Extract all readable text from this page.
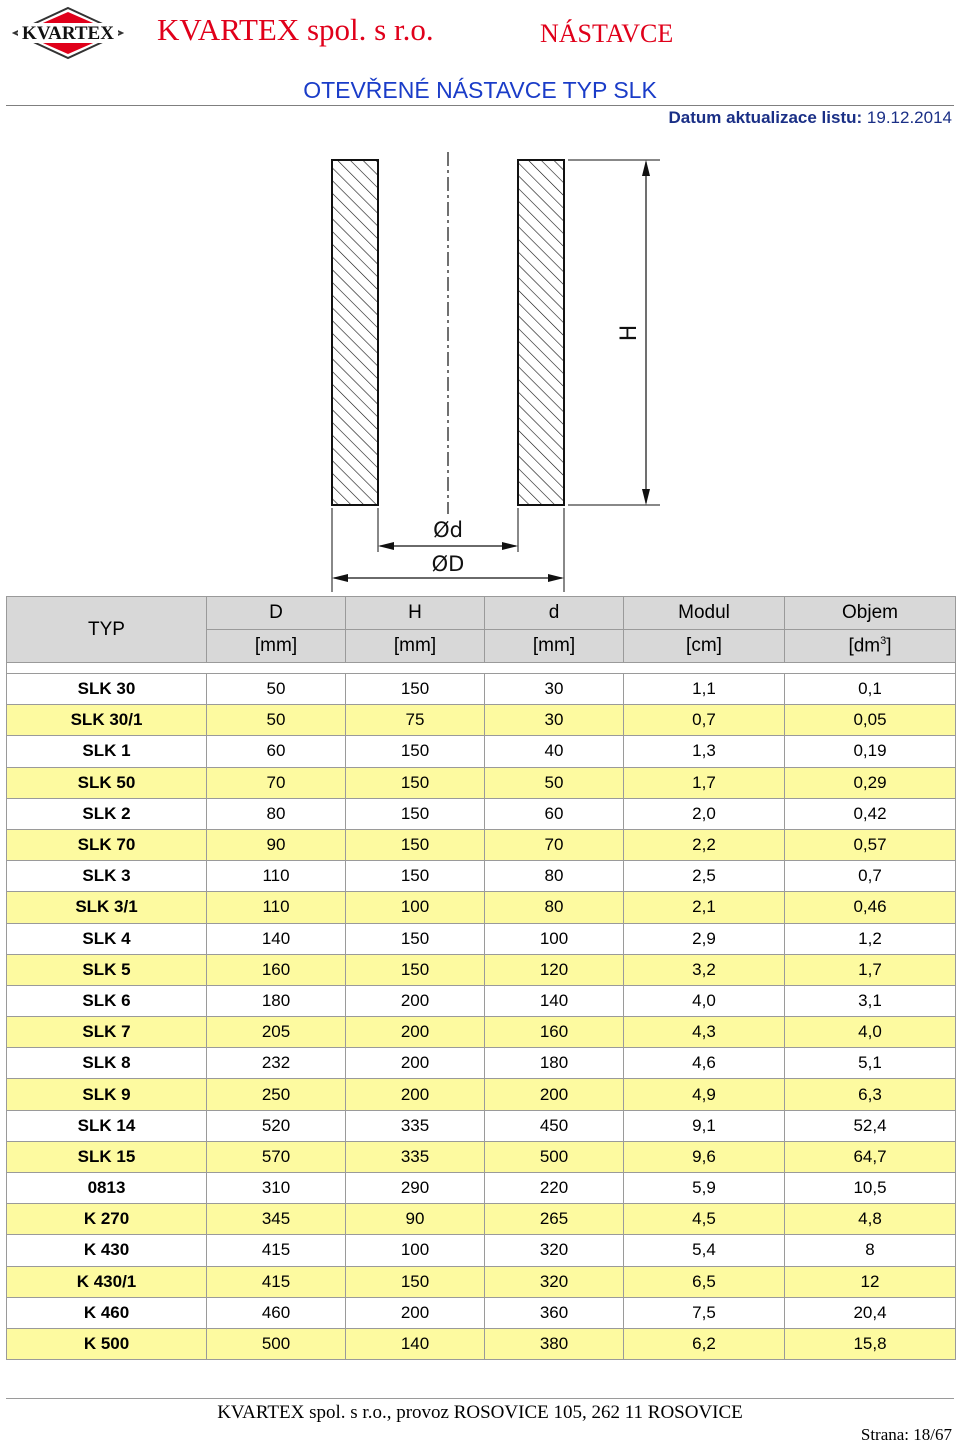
KVARTEX KVARTEX spol. s r.o.	NÁSTAVCE
OTEVŘENÉ NÁSTAVCE TYP SLK
Datum aktualizace listu: 19.12.2014
H
Ød
ØD
TYP	D	H	d	Modul	Objem
	[mm]	[mm]	[mm]	[cm]	$[dm^3]$

SLK 30	50	150	30	1,1	0,1
SLK 30/1	50	75	30	0,7	0,05
SLK 1	60	150	40	1,3	0,19
SLK 50	70	150	50	1,7	0,29
SLK 2	80	150	60	2,0	0,42
SLK 70	90	150	70	2,2	0,57
SLK 3	110	150	80	2,5	0,7
SLK 3/1	110	100	80	2,1	0,46
SLK 4	140	150	100	2,9	1,2
SLK 5	160	150	120	3,2	1,7
SLK 6	180	200	140	4,0	3,1
SLK 7	205	200	160	4,3	4,0
SLK 8	232	200	180	4,6	5,1
SLK 9	250	200	200	4,9	6,3
SLK 14	520	335	450	9,1	52,4
SLK 15	570	335	500	9,6	64,7
0813	310	290	220	5,9	10,5
K 270	345	90	265	4,5	4,8
K 430	415	100	320	5,4	8
K 430/1	415	150	320	6,5	12
K 460	460	200	360	7,5	20,4
K 500	500	140	380	6,2	15,8
KVARTEX spol. s r.o., provoz ROSOVICE 105, 262 11 ROSOVICE
Strana: 18/67
